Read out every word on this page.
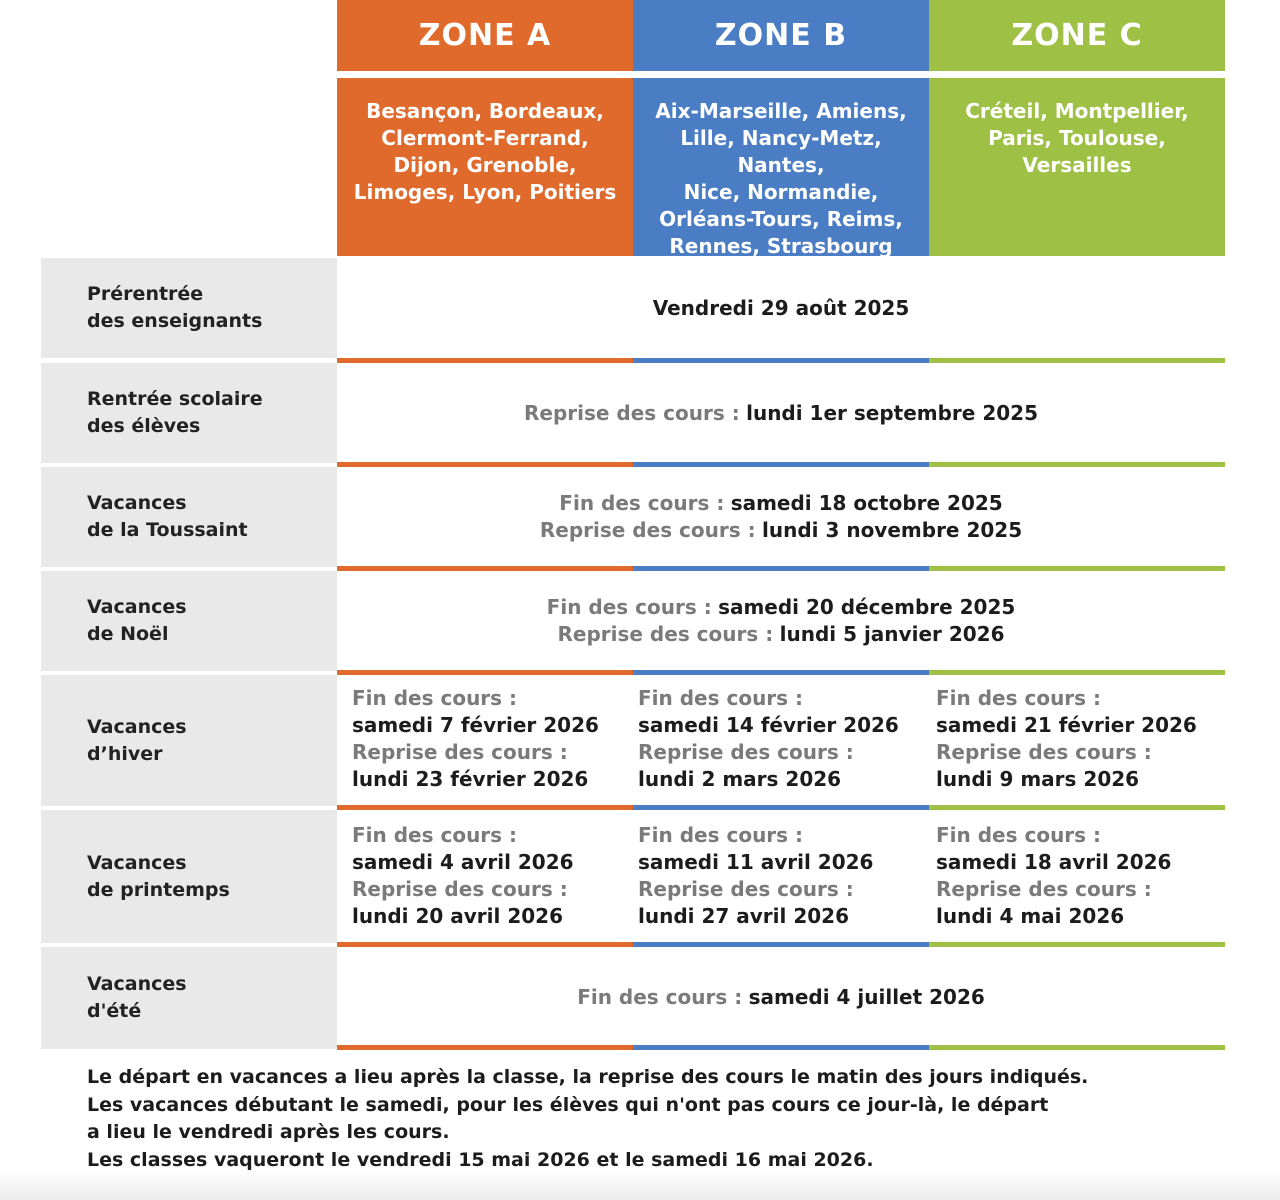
ZONE A	ZONE B	ZONE C
Besançon, Bordeaux,
Clermont-Ferrand,
Dijon, Grenoble,
Limoges, Lyon, Poitiers
Aix-Marseille, Amiens,
Lille, Nancy-Metz, Nantes,
Nice, Normandie,
Orléans-Tours, Reims,
Rennes, Strasbourg
Créteil, Montpellier,
Paris, Toulouse,
Versailles
Prérentrée
des enseignants
Vendredi 29 août 2025
Rentrée scolaire
des élèves
Reprise des cours : lundi 1er septembre 2025
Vacances
de la Toussaint
Fin des cours : samedi 18 octobre 2025
Reprise des cours : lundi 3 novembre 2025
Vacances
de Noël
Fin des cours : samedi 20 décembre 2025
Reprise des cours : lundi 5 janvier 2026
Vacances
d’hiver
Fin des cours :
samedi 7 février 2026
Reprise des cours :
lundi 23 février 2026
Fin des cours :
samedi 14 février 2026
Reprise des cours :
lundi 2 mars 2026
Fin des cours :
samedi 21 février 2026
Reprise des cours :
lundi 9 mars 2026
Vacances
de printemps
Fin des cours :
samedi 4 avril 2026
Reprise des cours :
lundi 20 avril 2026
Fin des cours :
samedi 11 avril 2026
Reprise des cours :
lundi 27 avril 2026
Fin des cours :
samedi 18 avril 2026
Reprise des cours :
lundi 4 mai 2026
Vacances
d'été
Fin des cours : samedi 4 juillet 2026
Le départ en vacances a lieu après la classe, la reprise des cours le matin des jours indiqués.
Les vacances débutant le samedi, pour les élèves qui n'ont pas cours ce jour-là, le départ
a lieu le vendredi après les cours.
Les classes vaqueront le vendredi 15 mai 2026 et le samedi 16 mai 2026.
